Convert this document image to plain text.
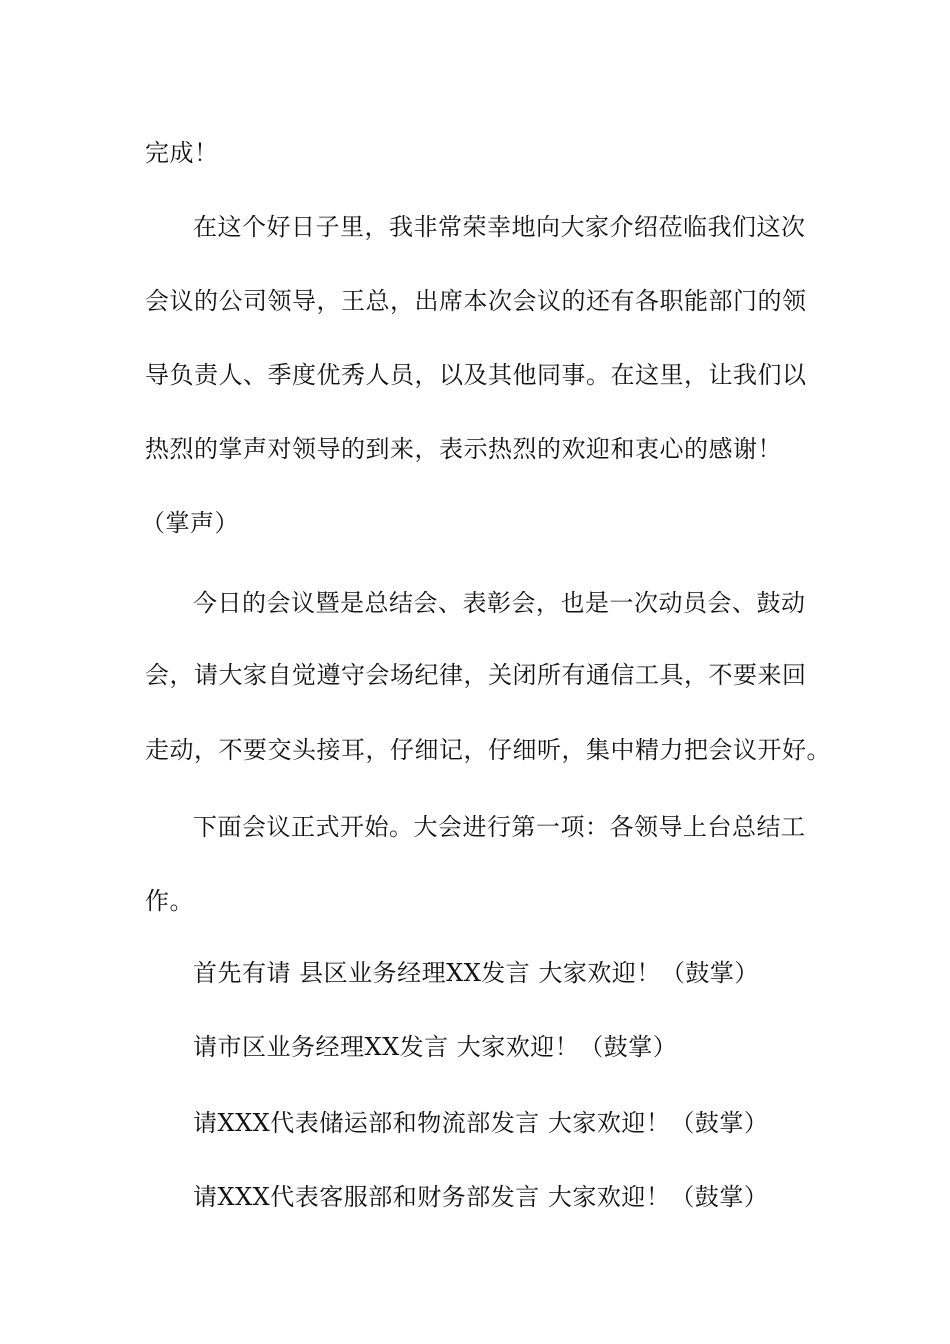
完成！
在这个好日子里，我非常荣幸地向大家介绍莅临我们这次
会议的公司领导，王总，出席本次会议的还有各职能部门的领
导负责人、季度优秀人员，以及其他同事。在这里，让我们以
热烈的掌声对领导的到来，表示热烈的欢迎和衷心的感谢！
（掌声）
今日的会议暨是总结会、表彰会，也是一次动员会、鼓动
会，请大家自觉遵守会场纪律，关闭所有通信工具，不要来回
走动，不要交头接耳，仔细记，仔细听，集中精力把会议开好。
下面会议正式开始。大会进行第一项：各领导上台总结工
作。
首先有请 县区业务经理XX发言 大家欢迎！（鼓掌）
请市区业务经理XX发言 大家欢迎！（鼓掌）
请XXX代表储运部和物流部发言 大家欢迎！（鼓掌）
请XXX代表客服部和财务部发言 大家欢迎！（鼓掌）
